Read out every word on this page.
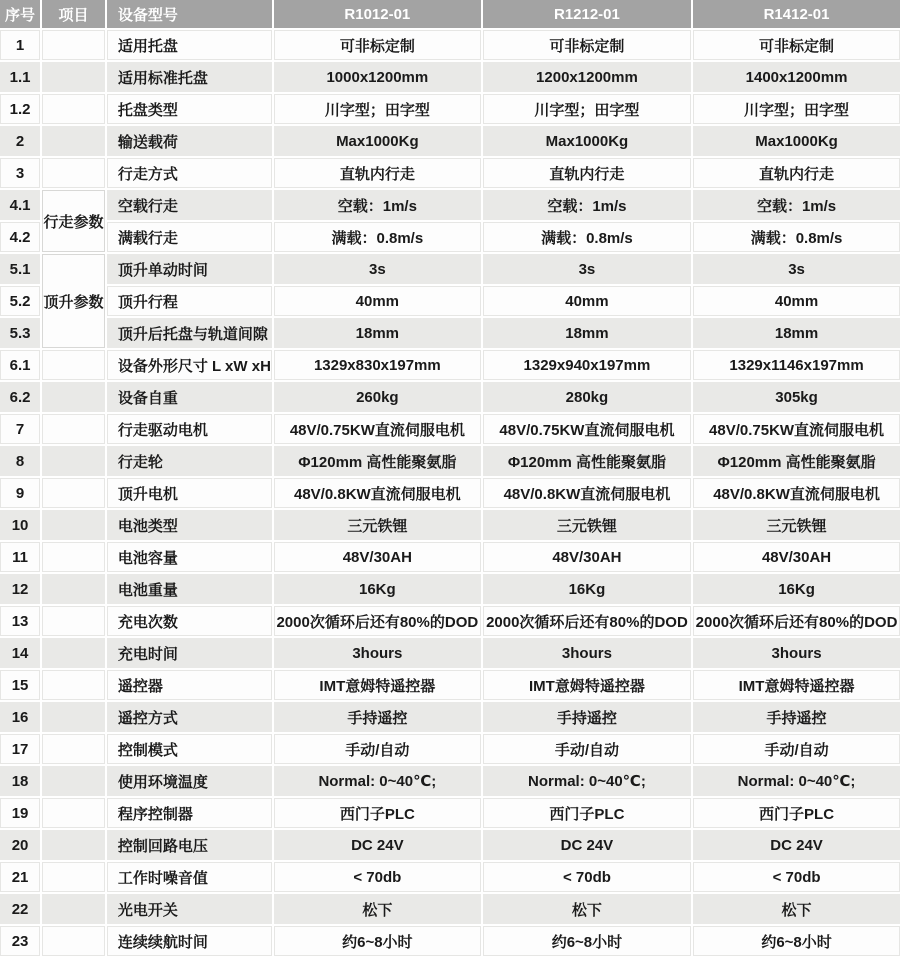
序号	项目	设备型号	R1012-01	R1212-01	R1412-01
1		适用托盘	可非标定制	可非标定制	可非标定制
1.1		适用标准托盘	1000x1200mm	1200x1200mm	1400x1200mm
1.2		托盘类型	川字型；田字型	川字型；田字型	川字型；田字型
2		输送载荷	Max1000Kg	Max1000Kg	Max1000Kg
3		行走方式	直轨内行走	直轨内行走	直轨内行走
4.1	行走参数	空载行走	空载：1m/s	空载：1m/s	空载：1m/s
4.2		满载行走	满载：0.8m/s	满载：0.8m/s	满载：0.8m/s
5.1	顶升参数	顶升单动时间	3s	3s	3s
5.2		顶升行程	40mm	40mm	40mm
5.3		顶升后托盘与轨道间隙	18mm	18mm	18mm
6.1		设备外形尺寸 L xW xH	1329x830x197mm	1329x940x197mm	1329x1146x197mm
6.2		设备自重	260kg	280kg	305kg
7		行走驱动电机	48V/0.75KW直流伺服电机	48V/0.75KW直流伺服电机	48V/0.75KW直流伺服电机
8		行走轮	Φ120mm 高性能聚氨脂	Φ120mm 高性能聚氨脂	Φ120mm 高性能聚氨脂
9		顶升电机	48V/0.8KW直流伺服电机	48V/0.8KW直流伺服电机	48V/0.8KW直流伺服电机
10		电池类型	三元铁锂	三元铁锂	三元铁锂
11		电池容量	48V/30AH	48V/30AH	48V/30AH
12		电池重量	16Kg	16Kg	16Kg
13		充电次数	2000次循环后还有80%的DOD	2000次循环后还有80%的DOD	2000次循环后还有80%的DOD
14		充电时间	3hours	3hours	3hours
15		遥控器	IMT意姆特遥控器	IMT意姆特遥控器	IMT意姆特遥控器
16		遥控方式	手持遥控	手持遥控	手持遥控
17		控制模式	手动/自动	手动/自动	手动/自动
18		使用环境温度	Normal: 0~40℃;	Normal: 0~40℃;	Normal: 0~40℃;
19		程序控制器	西门子PLC	西门子PLC	西门子PLC
20		控制回路电压	DC 24V	DC 24V	DC 24V
21		工作时噪音值	< 70db	< 70db	< 70db
22		光电开关	松下	松下	松下
23		连续续航时间	约6~8小时	约6~8小时	约6~8小时
